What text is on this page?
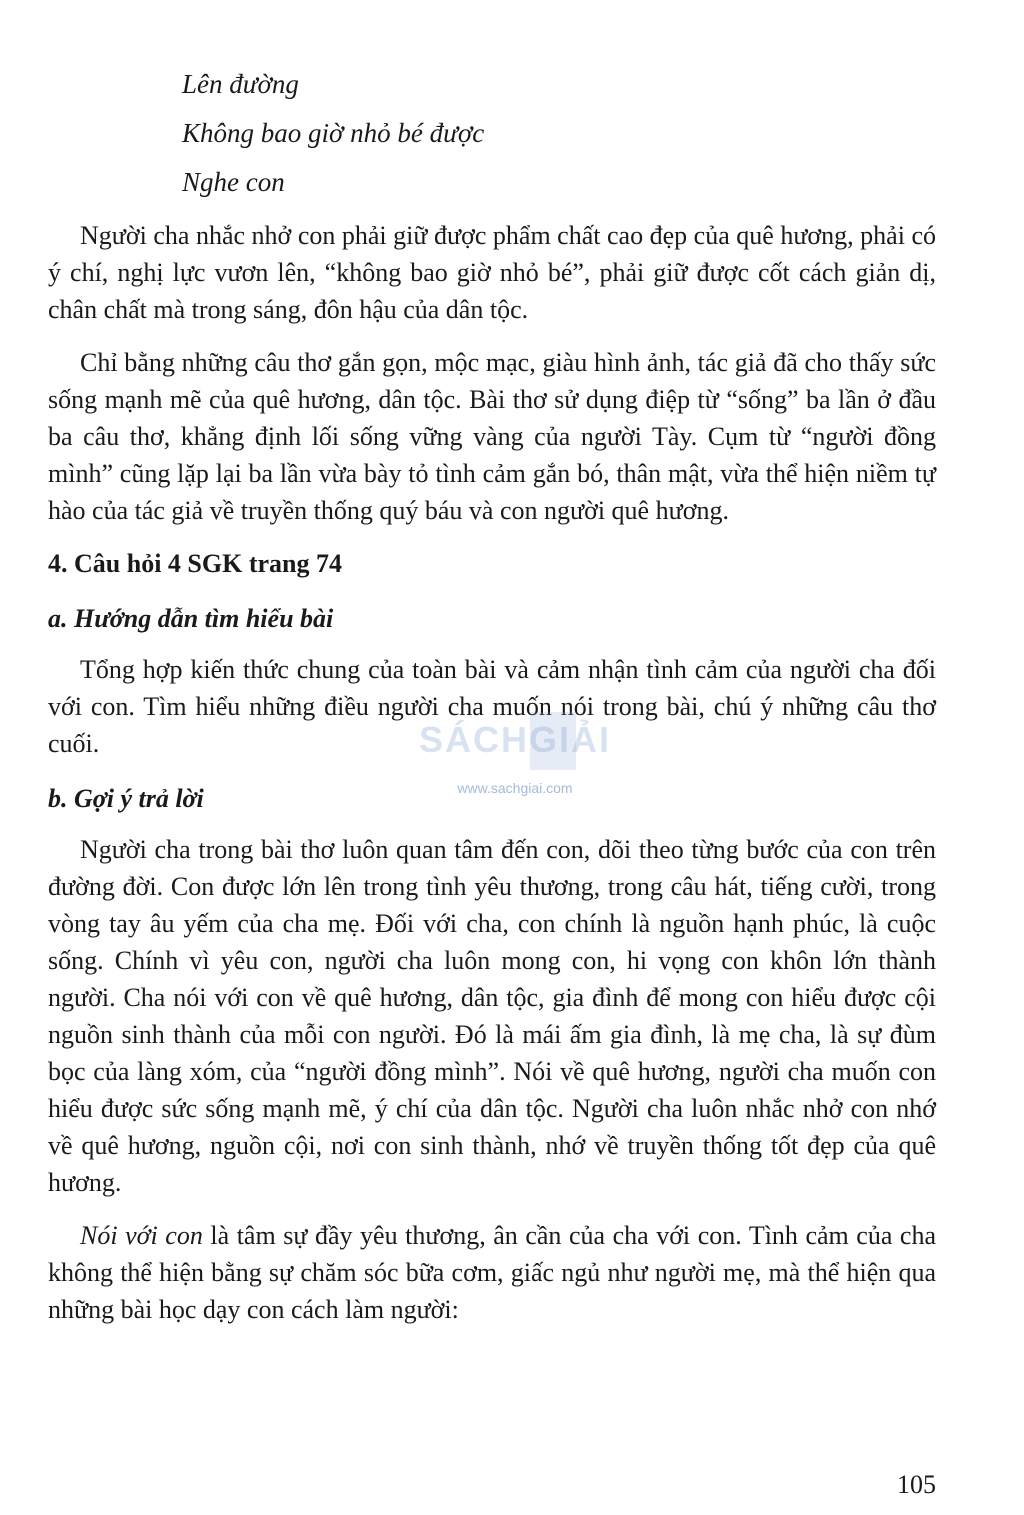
Lên đường
Không bao giờ nhỏ bé được
Nghe con

Người cha nhắc nhở con phải giữ được phẩm chất cao đẹp của quê hương, phải có ý chí, nghị lực vươn lên, “không bao giờ nhỏ bé”, phải giữ được cốt cách giản dị, chân chất mà trong sáng, đôn hậu của dân tộc.

Chỉ bằng những câu thơ gắn gọn, mộc mạc, giàu hình ảnh, tác giả đã cho thấy sức sống mạnh mẽ của quê hương, dân tộc. Bài thơ sử dụng điệp từ “sống” ba lần ở đầu ba câu thơ, khẳng định lối sống vững vàng của người Tày. Cụm từ “người đồng mình” cũng lặp lại ba lần vừa bày tỏ tình cảm gắn bó, thân mật, vừa thể hiện niềm tự hào của tác giả về truyền thống quý báu và con người quê hương.

4. Câu hỏi 4 SGK trang 74
a. Hướng dẫn tìm hiểu bài

Tổng hợp kiến thức chung của toàn bài và cảm nhận tình cảm của người cha đối với con. Tìm hiểu những điều người cha muốn nói trong bài, chú ý những câu thơ cuối.

b. Gợi ý trả lời

Người cha trong bài thơ luôn quan tâm đến con, dõi theo từng bước của con trên đường đời. Con được lớn lên trong tình yêu thương, trong câu hát, tiếng cười, trong vòng tay âu yếm của cha mẹ. Đối với cha, con chính là nguồn hạnh phúc, là cuộc sống. Chính vì yêu con, người cha luôn mong con, hi vọng con khôn lớn thành người. Cha nói với con về quê hương, dân tộc, gia đình để mong con hiểu được cội nguồn sinh thành của mỗi con người. Đó là mái ấm gia đình, là mẹ cha, là sự đùm bọc của làng xóm, của “người đồng mình”. Nói về quê hương, người cha muốn con hiểu được sức sống mạnh mẽ, ý chí của dân tộc. Người cha luôn nhắc nhở con nhớ về quê hương, nguồn cội, nơi con sinh thành, nhớ về truyền thống tốt đẹp của quê hương.

Nói với con là tâm sự đầy yêu thương, ân cần của cha với con. Tình cảm của cha không thể hiện bằng sự chăm sóc bữa cơm, giấc ngủ như người mẹ, mà thể hiện qua những bài học dạy con cách làm người:

SÁCHGIẢI
www.sachgiai.com
105
